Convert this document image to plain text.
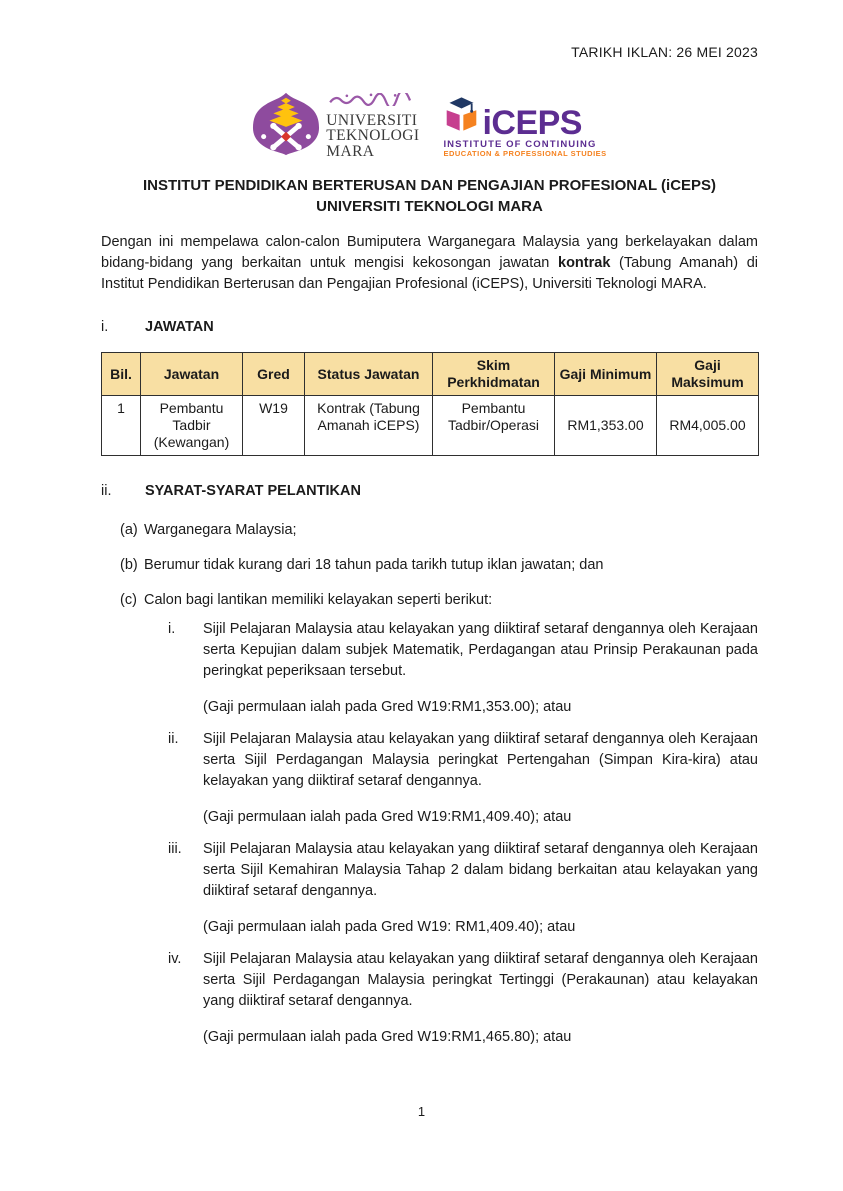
TARIKH IKLAN: 26 MEI 2023
UNIVERSITI
TEKNOLOGI
MARA
iCEPS
INSTITUTE OF CONTINUING
EDUCATION & PROFESSIONAL STUDIES
INSTITUT PENDIDIKAN BERTERUSAN DAN PENGAJIAN PROFESIONAL (iCEPS)
UNIVERSITI TEKNOLOGI MARA

Dengan ini mempelawa calon-calon Bumiputera Warganegara Malaysia yang berkelayakan dalam bidang-bidang yang berkaitan untuk mengisi kekosongan jawatan kontrak (Tabung Amanah) di Institut Pendidikan Berterusan dan Pengajian Profesional (iCEPS), Universiti Teknologi MARA.

i.	JAWATAN
Bil.	Jawatan	Gred	Status Jawatan	Skim Perkhidmatan	Gaji Minimum	Gaji Maksimum
1	Pembantu Tadbir (Kewangan)	W19	Kontrak (Tabung Amanah iCEPS)	Pembantu Tadbir/Operasi	RM1,353.00	RM4,005.00
ii.	SYARAT-SYARAT PELANTIKAN
(a) Warganegara Malaysia;
(b) Berumur tidak kurang dari 18 tahun pada tarikh tutup iklan jawatan; dan
(c) Calon bagi lantikan memiliki kelayakan seperti berikut:
i.	Sijil Pelajaran Malaysia atau kelayakan yang diiktiraf setaraf dengannya oleh Kerajaan serta Kepujian dalam subjek Matematik, Perdagangan atau Prinsip Perakaunan pada peringkat peperiksaan tersebut.
(Gaji permulaan ialah pada Gred W19:RM1,353.00); atau
ii.	Sijil Pelajaran Malaysia atau kelayakan yang diiktiraf setaraf dengannya oleh Kerajaan serta Sijil Perdagangan Malaysia peringkat Pertengahan (Simpan Kira-kira) atau kelayakan yang diiktiraf setaraf dengannya.
(Gaji permulaan ialah pada Gred W19:RM1,409.40); atau
iii.	Sijil Pelajaran Malaysia atau kelayakan yang diiktiraf setaraf dengannya oleh Kerajaan serta Sijil Kemahiran Malaysia Tahap 2 dalam bidang berkaitan atau kelayakan yang diiktiraf setaraf dengannya.
(Gaji permulaan ialah pada Gred W19: RM1,409.40); atau
iv.	Sijil Pelajaran Malaysia atau kelayakan yang diiktiraf setaraf dengannya oleh Kerajaan serta Sijil Perdagangan Malaysia peringkat Tertinggi (Perakaunan) atau kelayakan yang diiktiraf setaraf dengannya.
(Gaji permulaan ialah pada Gred W19:RM1,465.80); atau
1
